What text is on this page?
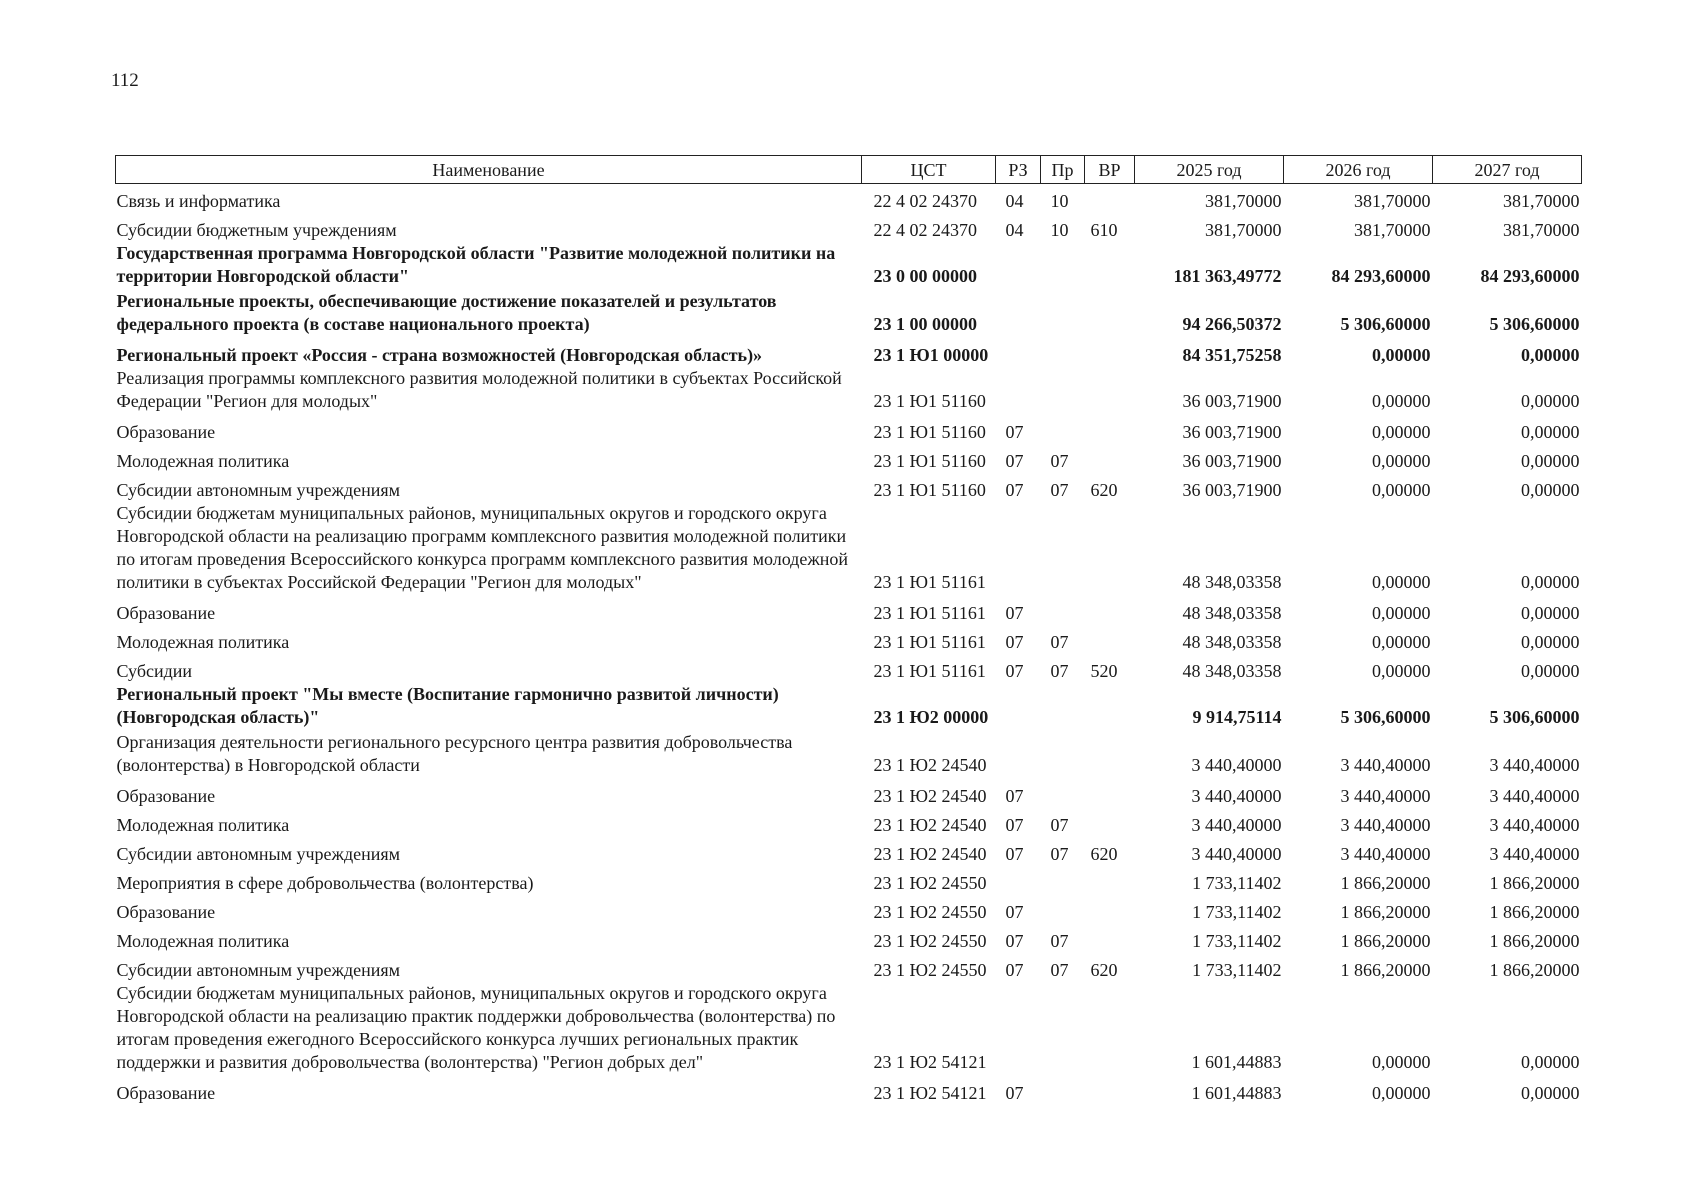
112
Наименование	ЦСТ	РЗ	Пр	ВР	2025 год	2026 год	2027 год
Связь и информатика	22 4 02 24370	04	10		381,70000	381,70000	381,70000
Субсидии бюджетным учреждениям	22 4 02 24370	04	10	610	381,70000	381,70000	381,70000
Государственная программа Новгородской области "Развитие молодежной политики на территории Новгородской области"	23 0 00 00000				181 363,49772	84 293,60000	84 293,60000
Региональные проекты, обеспечивающие достижение показателей и результатов федерального проекта (в составе национального проекта)	23 1 00 00000				94 266,50372	5 306,60000	5 306,60000
Региональный проект «Россия - страна возможностей (Новгородская область)»	23 1 Ю1 00000				84 351,75258	0,00000	0,00000
Реализация программы комплексного развития молодежной политики в субъектах Российской Федерации "Регион для молодых"	23 1 Ю1 51160				36 003,71900	0,00000	0,00000
Образование	23 1 Ю1 51160	07			36 003,71900	0,00000	0,00000
Молодежная политика	23 1 Ю1 51160	07	07		36 003,71900	0,00000	0,00000
Субсидии автономным учреждениям	23 1 Ю1 51160	07	07	620	36 003,71900	0,00000	0,00000
Субсидии бюджетам муниципальных районов, муниципальных округов и городского округа Новгородской области на реализацию программ комплексного развития молодежной политики по итогам проведения Всероссийского конкурса программ комплексного развития молодежной политики в субъектах Российской Федерации "Регион для молодых"	23 1 Ю1 51161				48 348,03358	0,00000	0,00000
Образование	23 1 Ю1 51161	07			48 348,03358	0,00000	0,00000
Молодежная политика	23 1 Ю1 51161	07	07		48 348,03358	0,00000	0,00000
Субсидии	23 1 Ю1 51161	07	07	520	48 348,03358	0,00000	0,00000
Региональный проект "Мы вместе (Воспитание гармонично развитой личности) (Новгородская область)"	23 1 Ю2 00000				9 914,75114	5 306,60000	5 306,60000
Организация деятельности регионального ресурсного центра развития добровольчества (волонтерства) в Новгородской области	23 1 Ю2 24540				3 440,40000	3 440,40000	3 440,40000
Образование	23 1 Ю2 24540	07			3 440,40000	3 440,40000	3 440,40000
Молодежная политика	23 1 Ю2 24540	07	07		3 440,40000	3 440,40000	3 440,40000
Субсидии автономным учреждениям	23 1 Ю2 24540	07	07	620	3 440,40000	3 440,40000	3 440,40000
Мероприятия в сфере добровольчества (волонтерства)	23 1 Ю2 24550				1 733,11402	1 866,20000	1 866,20000
Образование	23 1 Ю2 24550	07			1 733,11402	1 866,20000	1 866,20000
Молодежная политика	23 1 Ю2 24550	07	07		1 733,11402	1 866,20000	1 866,20000
Субсидии автономным учреждениям	23 1 Ю2 24550	07	07	620	1 733,11402	1 866,20000	1 866,20000
Субсидии бюджетам муниципальных районов, муниципальных округов и городского округа Новгородской области на реализацию практик поддержки добровольчества (волонтерства) по итогам проведения ежегодного Всероссийского конкурса лучших региональных практик поддержки и развития добровольчества (волонтерства) "Регион добрых дел"	23 1 Ю2 54121				1 601,44883	0,00000	0,00000
Образование	23 1 Ю2 54121	07			1 601,44883	0,00000	0,00000
